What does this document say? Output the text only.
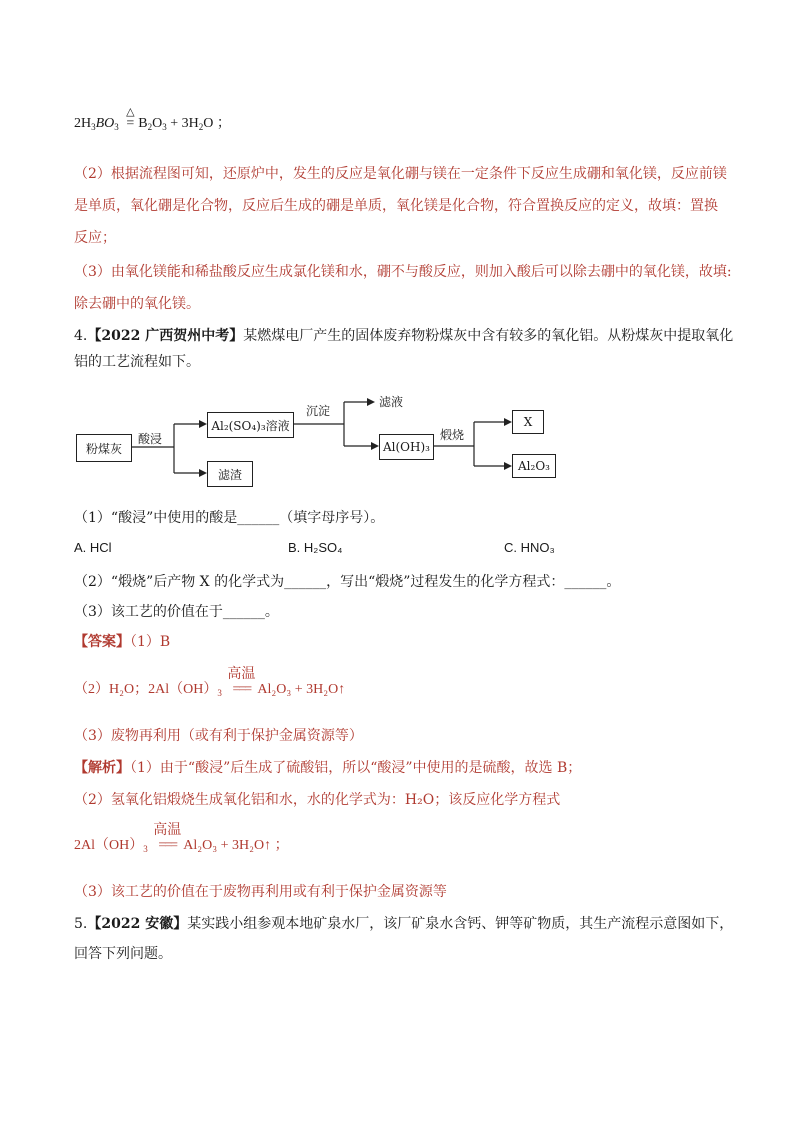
$2H_3BO_3$
△
= $B_2O_3 + 3H_2O$ ；
（2）根据流程图可知，还原炉中，发生的反应是氧化硼与镁在一定条件下反应生成硼和氧化镁，反应前镁
是单质，氧化硼是化合物，反应后生成的硼是单质，氧化镁是化合物，符合置换反应的定义，故填：置换
反应；
（3）由氧化镁能和稀盐酸反应生成氯化镁和水，硼不与酸反应，则加入酸后可以除去硼中的氧化镁，故填:
除去硼中的氧化镁。
4.【2022 广西贺州中考】某燃煤电厂产生的固体废弃物粉煤灰中含有较多的氧化铝。从粉煤灰中提取氧化
铝的工艺流程如下。
粉煤灰
酸浸
Al₂(SO₄)₃溶液
滤渣
沉淀
滤液
Al(OH)₃
煅烧
X
Al₂O₃
（1）“酸浸”中使用的酸是______（填字母序号）。
A. HCl	B. H₂SO₄	C. HNO₃
（2）“煅烧”后产物 X 的化学式为______，写出“煅烧”过程发生的化学方程式：______。
（3）该工艺的价值在于______。
【答案】（1）B
（2）H₂O；$2Al(OH)_3$
高温
=== Al₂O₃ + 3H₂O↑
（3）废物再利用（或有利于保护金属资源等）
【解析】（1）由于“酸浸”后生成了硫酸铝，所以“酸浸”中使用的是硫酸，故选 B；
（2）氢氧化铝煅烧生成氧化铝和水，水的化学式为：H₂O；该反应化学方程式
$2Al(OH)_3$
高温
=== Al₂O₃ + 3H₂O↑ ；
（3）该工艺的价值在于废物再利用或有利于保护金属资源等
5.【2022 安徽】某实践小组参观本地矿泉水厂，该厂矿泉水含钙、钾等矿物质，其生产流程示意图如下，
回答下列问题。
